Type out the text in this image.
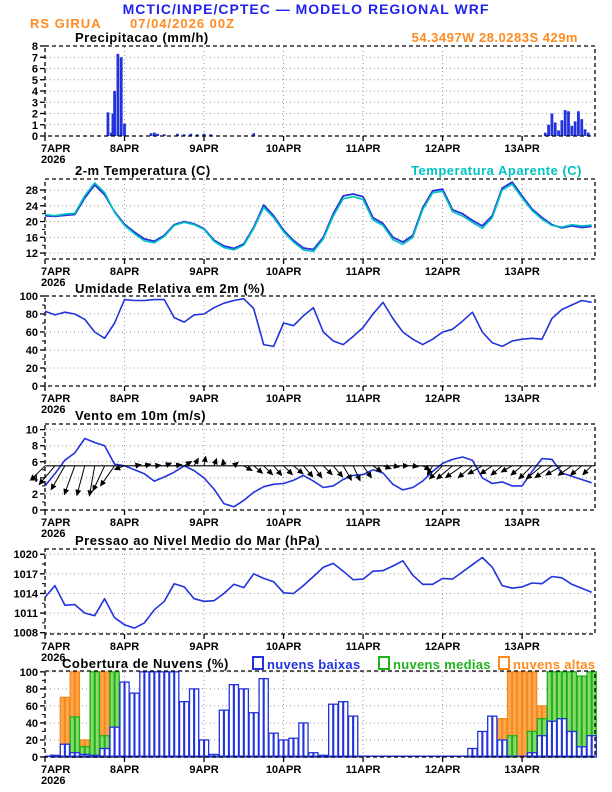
MCTIC/INPE/CPTEC — MODELO REGIONAL WRF
RS GIRUA 07/04/2026 00Z
54.3497W 28.0283S 429m
Precipitacao (mm/h)
2-m Temperatura (C)	Temperatura Aparente (C)
Umidade Relativa em 2m (%)
Vento em 10m (m/s)
Pressao ao Nivel Medio do Mar (hPa)
Cobertura de Nuvens (%)	nuvens baixas	nuvens medias	nuvens altas
0
1
2
3
4
5
6
7
8
7APR
2026
8APR	9APR	10APR	11APR	12APR	13APR
12
16
20
24
28
7APR
2026
8APR	9APR	10APR	11APR	12APR	13APR
0
20
40
60
80
100
7APR
2026
8APR	9APR	10APR	11APR	12APR	13APR
0
2
4
6
8
10
7APR
2026
8APR	9APR	10APR	11APR	12APR	13APR
1008
1011
1014
1017
1020
7APR
2026
8APR	9APR	10APR	11APR	12APR	13APR
0
20
40
60
80
100
7APR
2026
8APR	9APR	10APR	11APR	12APR	13APR
